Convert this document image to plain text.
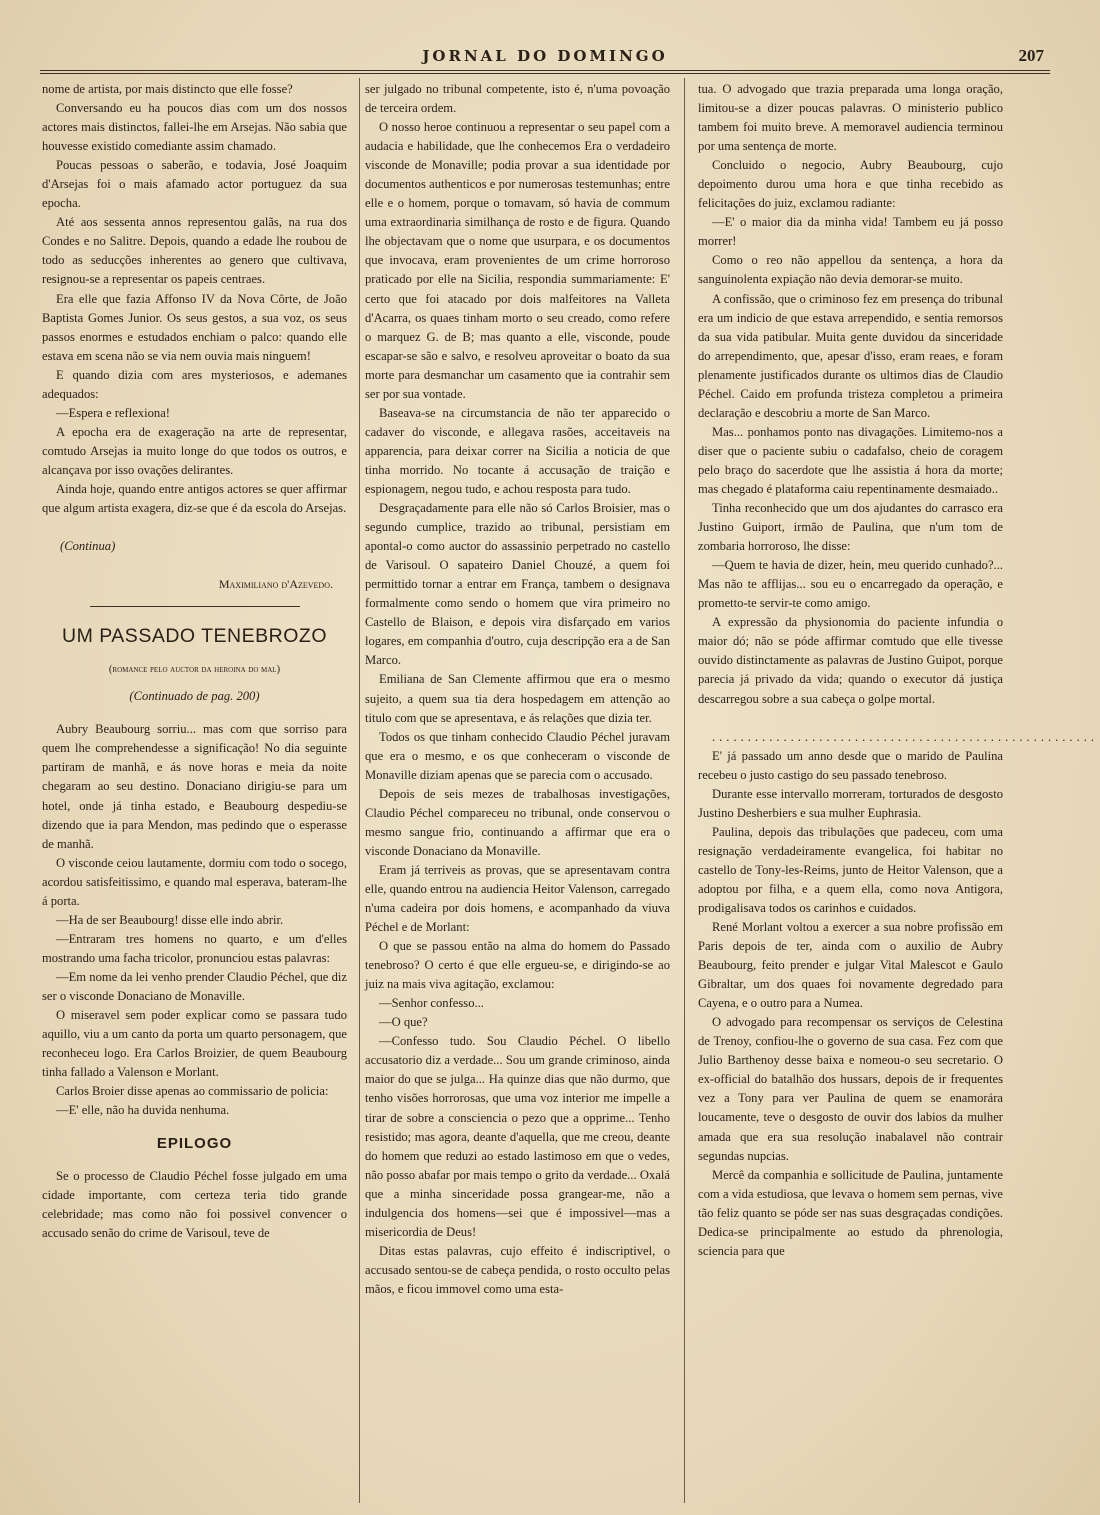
JORNAL DO DOMINGO	207

nome de artista, por mais distincto que elle fosse?

Conversando eu ha poucos dias com um dos nossos actores mais distinctos, fallei-lhe em Arsejas. Não sabia que houvesse existido comediante assim chamado.

Poucas pessoas o saberão, e todavia, José Joaquim d'Arsejas foi o mais afamado actor portuguez da sua epocha.

Até aos sessenta annos representou galãs, na rua dos Condes e no Salitre. Depois, quando a edade lhe roubou de todo as seducções inherentes ao genero que cultivava, resignou-se a representar os papeis centraes.

Era elle que fazia Affonso IV da Nova Côrte, de João Baptista Gomes Junior. Os seus gestos, a sua voz, os seus passos enormes e estudados enchiam o palco: quando elle estava em scena não se via nem ouvia mais ninguem!

E quando dizia com ares mysteriosos, e ademanes adequados:

—Espera e reflexiona!

A epocha era de exageração na arte de representar, comtudo Arsejas ia muito longe do que todos os outros, e alcançava por isso ovações delirantes.

Ainda hoje, quando entre antigos actores se quer affirmar que algum artista exagera, diz-se que é da escola do Arsejas.

(Continua)

Maximiliano d'Azevedo.

UM PASSADO TENEBROZO
(romance pelo auctor da heroina do mal)
(Continuado de pag. 200)

Aubry Beaubourg sorriu... mas com que sorriso para quem lhe comprehendesse a significação! No dia seguinte partiram de manhã, e ás nove horas e meia da noite chegaram ao seu destino. Donaciano dirigiu-se para um hotel, onde já tinha estado, e Beaubourg despediu-se dizendo que ia para Mendon, mas pedindo que o esperasse de manhã.

O visconde ceiou lautamente, dormiu com todo o socego, acordou satisfeitissimo, e quando mal esperava, bateram-lhe á porta.

—Ha de ser Beaubourg! disse elle indo abrir.

—Entraram tres homens no quarto, e um d'elles mostrando uma facha tricolor, pronunciou estas palavras:

—Em nome da lei venho prender Claudio Péchel, que diz ser o visconde Donaciano de Monaville.

O miseravel sem poder explicar como se passara tudo aquillo, viu a um canto da porta um quarto personagem, que reconheceu logo. Era Carlos Broizier, de quem Beaubourg tinha fallado a Valenson e Morlant.

Carlos Broier disse apenas ao commissario de policia:

—E' elle, não ha duvida nenhuma.

EPILOGO

Se o processo de Claudio Péchel fosse julgado em uma cidade importante, com certeza teria tido grande celebridade; mas como não foi possivel convencer o accusado senão do crime de Varisoul, teve de

ser julgado no tribunal competente, isto é, n'uma povoação de terceira ordem.

O nosso heroe continuou a representar o seu papel com a audacia e habilidade, que lhe conhecemos Era o verdadeiro visconde de Monaville; podia provar a sua identidade por documentos authenticos e por numerosas testemunhas; entre elle e o homem, porque o tomavam, só havia de commum uma extraordinaria similhança de rosto e de figura. Quando lhe objectavam que o nome que usurpara, e os documentos que invocava, eram provenientes de um crime horroroso praticado por elle na Sicilia, respondia summariamente: E' certo que foi atacado por dois malfeitores na Valleta d'Acarra, os quaes tinham morto o seu creado, como refere o marquez G. de B; mas quanto a elle, visconde, poude escapar-se são e salvo, e resolveu aproveitar o boato da sua morte para desmanchar um casamento que ia contrahir sem ser por sua vontade.

Baseava-se na circumstancia de não ter apparecido o cadaver do visconde, e allegava rasões, acceitaveis na apparencia, para deixar correr na Sicilia a noticia de que tinha morrido. No tocante á accusação de traição e espionagem, negou tudo, e achou resposta para tudo.

Desgraçadamente para elle não só Carlos Broisier, mas o segundo cumplice, trazido ao tribunal, persistiam em apontal-o como auctor do assassinio perpetrado no castello de Varisoul. O sapateiro Daniel Chouzé, a quem foi permittido tornar a entrar em França, tambem o designava formalmente como sendo o homem que vira primeiro no Castello de Blaison, e depois vira disfarçado em varios logares, em companhia d'outro, cuja descripção era a de San Marco.

Emiliana de San Clemente affirmou que era o mesmo sujeito, a quem sua tia dera hospedagem em attenção ao titulo com que se apresentava, e ás relações que dizia ter.

Todos os que tinham conhecido Claudio Péchel juravam que era o mesmo, e os que conheceram o visconde de Monaville diziam apenas que se parecia com o accusado.

Depois de seis mezes de trabalhosas investigações, Claudio Péchel compareceu no tribunal, onde conservou o mesmo sangue frio, continuando a affirmar que era o visconde Donaciano da Monaville.

Eram já terriveis as provas, que se apresentavam contra elle, quando entrou na audiencia Heitor Valenson, carregado n'uma cadeira por dois homens, e acompanhado da viuva Péchel e de Morlant:

O que se passou então na alma do homem do Passado tenebroso? O certo é que elle ergueu-se, e dirigindo-se ao juiz na mais viva agitação, exclamou:

—Senhor confesso...

—O que?

—Confesso tudo. Sou Claudio Péchel. O libello accusatorio diz a verdade... Sou um grande criminoso, ainda maior do que se julga... Ha quinze dias que não durmo, que tenho visões horrorosas, que uma voz interior me impelle a tirar de sobre a consciencia o pezo que a opprime... Tenho resistido; mas agora, deante d'aquella, que me creou, deante do homem que reduzi ao estado lastimoso em que o vedes, não posso abafar por mais tempo o grito da verdade... Oxalá que a minha sinceridade possa grangear-me, não a indulgencia dos homens—sei que é impossivel—mas a misericordia de Deus!

Ditas estas palavras, cujo effeito é indiscriptivel, o accusado sentou-se de cabeça pendida, o rosto occulto pelas mãos, e ficou immovel como uma esta-

tua. O advogado que trazia preparada uma longa oração, limitou-se a dizer poucas palavras. O ministerio publico tambem foi muito breve. A memoravel audiencia terminou por uma sentença de morte.

Concluido o negocio, Aubry Beaubourg, cujo depoimento durou uma hora e que tinha recebido as felicitações do juiz, exclamou radiante:

—E' o maior dia da minha vida! Tambem eu já posso morrer!

Como o reo não appellou da sentença, a hora da sanguinolenta expiação não devia demorar-se muito.

A confissão, que o criminoso fez em presença do tribunal era um indicio de que estava arrependido, e sentia remorsos da sua vida patibular. Muita gente duvidou da sinceridade do arrependimento, que, apesar d'isso, eram reaes, e foram plenamente justificados durante os ultimos dias de Claudio Péchel. Caido em profunda tristeza completou a primeira declaração e descobriu a morte de San Marco.

Mas... ponhamos ponto nas divagações. Limitemo-nos a diser que o paciente subiu o cadafalso, cheio de coragem pelo braço do sacerdote que lhe assistia á hora da morte; mas chegado é plataforma caiu repentinamente desmaiado..

Tinha reconhecido que um dos ajudantes do carrasco era Justino Guiport, irmão de Paulina, que n'um tom de zombaria horroroso, lhe disse:

—Quem te havia de dizer, hein, meu querido cunhado?... Mas não te afflijas... sou eu o encarregado da operação, e prometto-te servir-te como amigo.

A expressão da physionomia do paciente infundia o maior dó; não se póde affirmar comtudo que elle tivesse ouvido distinctamente as palavras de Justino Guipot, porque parecia já privado da vida; quando o executor dá justiça descarregou sobre a sua cabeça o golpe mortal.

......................................................

E' já passado um anno desde que o marido de Paulina recebeu o justo castigo do seu passado tenebroso.

Durante esse intervallo morreram, torturados de desgosto Justino Desherbiers e sua mulher Euphrasia.

Paulina, depois das tribulações que padeceu, com uma resignação verdadeiramente evangelica, foi habitar no castello de Tony-les-Reims, junto de Heitor Valenson, que a adoptou por filha, e a quem ella, como nova Antigora, prodigalisava todos os carinhos e cuidados.

René Morlant voltou a exercer a sua nobre profissão em Paris depois de ter, ainda com o auxilio de Aubry Beaubourg, feito prender e julgar Vital Malescot e Gaulo Gibraltar, um dos quaes foi novamente degredado para Cayena, e o outro para a Numea.

O advogado para recompensar os serviços de Celestina de Trenoy, confiou-lhe o governo de sua casa. Fez com que Julio Barthenoy desse baixa e nomeou-o seu secretario. O ex-official do batalhão dos hussars, depois de ir frequentes vez a Tony para ver Paulina de quem se enamorára loucamente, teve o desgosto de ouvir dos labios da mulher amada que era sua resolução inabalavel não contrair segundas nupcias.

Mercê da companhia e sollicitude de Paulina, juntamente com a vida estudiosa, que levava o homem sem pernas, vive tão feliz quanto se póde ser nas suas desgraçadas condições. Dedica-se principalmente ao estudo da phrenologia, sciencia para que
